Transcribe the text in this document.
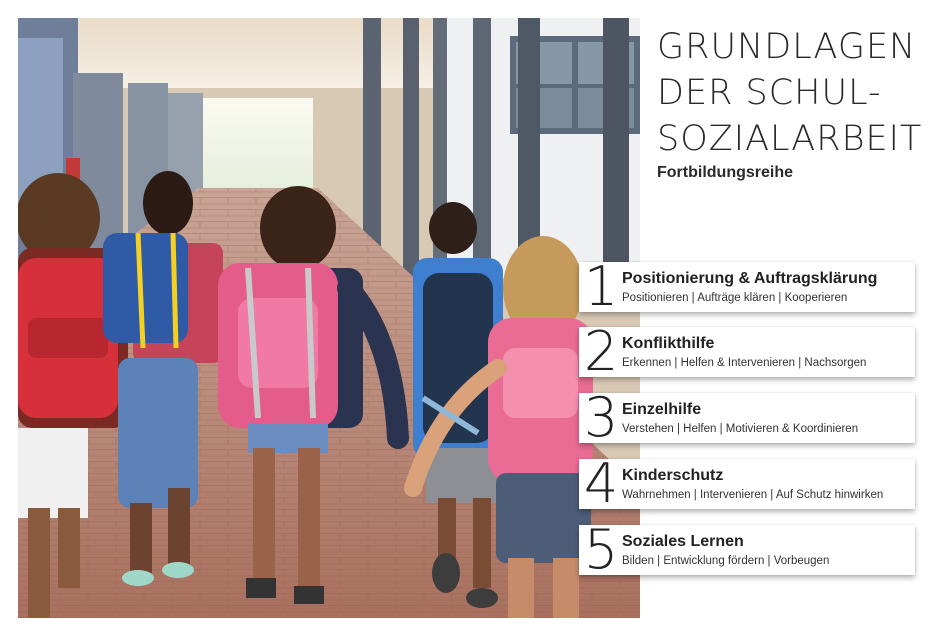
GRUNDLAGEN
DER SCHUL-
SOZIALARBEIT

Fortbildungsreihe

1 Positionierung & Auftragsklärung
Positionieren | Aufträge klären | Kooperieren
2 Konflikthilfe
Erkennen | Helfen & Intervenieren | Nachsorgen
3 Einzelhilfe
Verstehen | Helfen | Motivieren & Koordinieren
4 Kinderschutz
Wahrnehmen | Intervenieren | Auf Schutz hinwirken
5 Soziales Lernen
Bilden | Entwicklung fördern | Vorbeugen
